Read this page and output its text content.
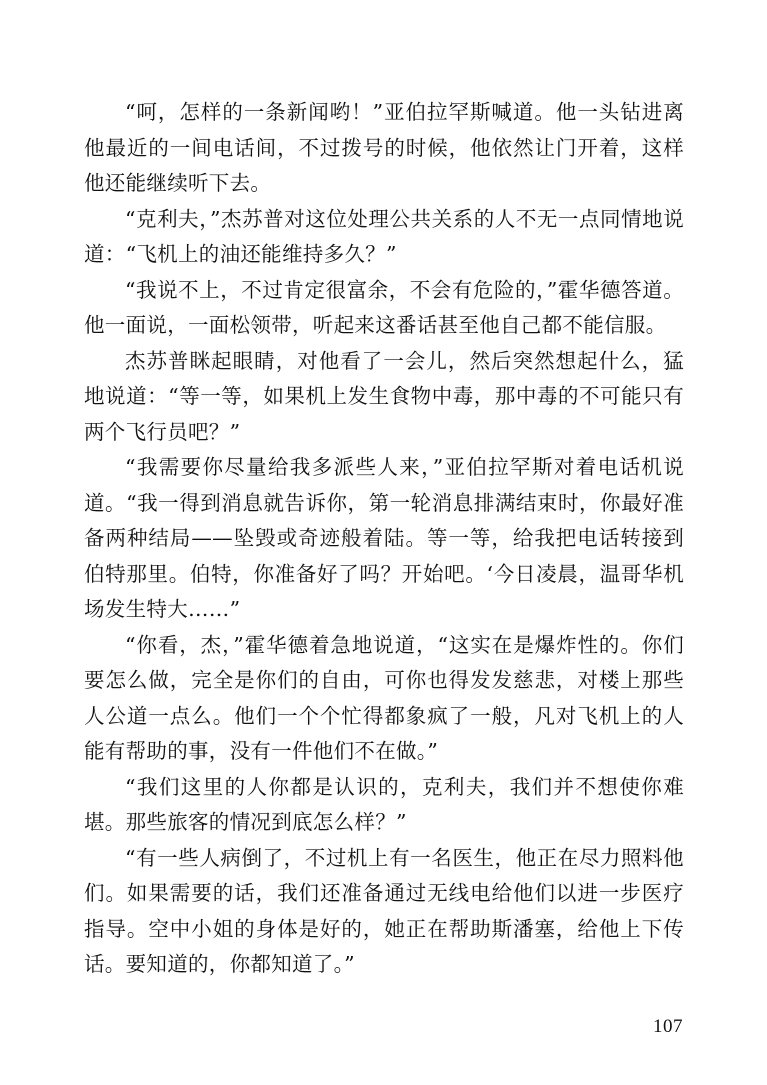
“呵，怎样的一条新闻哟！”亚伯拉罕斯喊道。他一头钻进离他最近的一间电话间，不过拨号的时候，他依然让门开着，这样他还能继续听下去。

“克利夫，”杰苏普对这位处理公共关系的人不无一点同情地说道：“飞机上的油还能维持多久？”

“我说不上，不过肯定很富余，不会有危险的，”霍华德答道。他一面说，一面松领带，听起来这番话甚至他自己都不能信服。

杰苏普眯起眼睛，对他看了一会儿，然后突然想起什么，猛地说道：“等一等，如果机上发生食物中毒，那中毒的不可能只有两个飞行员吧？”

“我需要你尽量给我多派些人来，”亚伯拉罕斯对着电话机说道。“我一得到消息就告诉你，第一轮消息排满结束时，你最好准备两种结局——坠毁或奇迹般着陆。等一等，给我把电话转接到伯特那里。伯特，你准备好了吗？开始吧。‘今日凌晨，温哥华机场发生特大……”

“你看，杰，”霍华德着急地说道，“这实在是爆炸性的。你们要怎么做，完全是你们的自由，可你也得发发慈悲，对楼上那些人公道一点么。他们一个个忙得都象疯了一般，凡对飞机上的人能有帮助的事，没有一件他们不在做。”

“我们这里的人你都是认识的，克利夫，我们并不想使你难堪。那些旅客的情况到底怎么样？”

“有一些人病倒了，不过机上有一名医生，他正在尽力照料他们。如果需要的话，我们还准备通过无线电给他们以进一步医疗指导。空中小姐的身体是好的，她正在帮助斯潘塞，给他上下传话。要知道的，你都知道了。”

107
